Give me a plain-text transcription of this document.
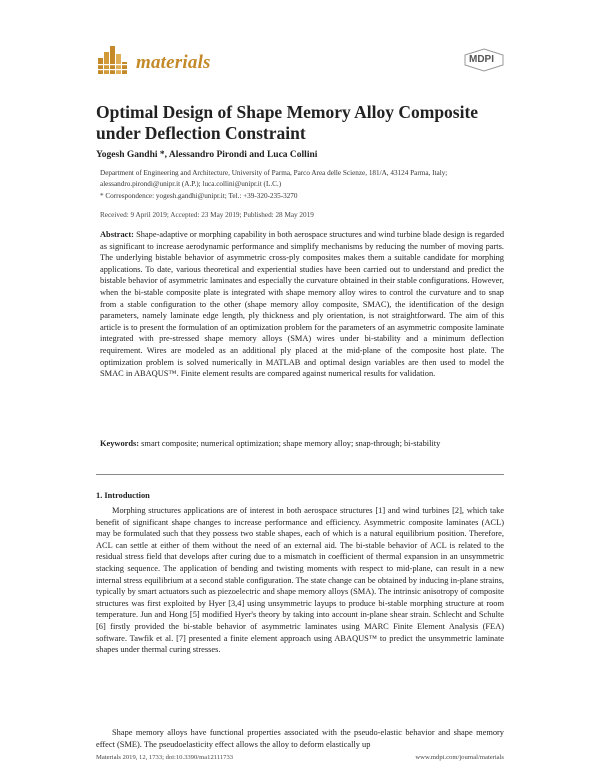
materials	MDPI
Optimal Design of Shape Memory Alloy Composite under Deflection Constraint
Yogesh Gandhi *, Alessandro Pirondi and Luca Collini
Department of Engineering and Architecture, University of Parma, Parco Area delle Scienze, 181/A, 43124 Parma, Italy; alessandro.pirondi@unipr.it (A.P.); luca.collini@unipr.it (L.C.)
* Correspondence: yogesh.gandhi@unipr.it; Tel.: +39-320-235-3270
Received: 9 April 2019; Accepted: 23 May 2019; Published: 28 May 2019

Abstract: Shape-adaptive or morphing capability in both aerospace structures and wind turbine blade design is regarded as significant to increase aerodynamic performance and simplify mechanisms by reducing the number of moving parts. The underlying bistable behavior of asymmetric cross-ply composites makes them a suitable candidate for morphing applications. To date, various theoretical and experiential studies have been carried out to understand and predict the bistable behavior of asymmetric laminates and especially the curvature obtained in their stable configurations. However, when the bi-stable composite plate is integrated with shape memory alloy wires to control the curvature and to snap from a stable configuration to the other (shape memory alloy composite, SMAC), the identification of the design parameters, namely laminate edge length, ply thickness and ply orientation, is not straightforward. The aim of this article is to present the formulation of an optimization problem for the parameters of an asymmetric composite laminate integrated with pre-stressed shape memory alloys (SMA) wires under bi-stability and a minimum deflection requirement. Wires are modeled as an additional ply placed at the mid-plane of the composite host plate. The optimization problem is solved numerically in MATLAB and optimal design variables are then used to model the SMAC in ABAQUS™. Finite element results are compared against numerical results for validation.

Keywords: smart composite; numerical optimization; shape memory alloy; snap-through; bi-stability

1. Introduction

Morphing structures applications are of interest in both aerospace structures [1] and wind turbines [2], which take benefit of significant shape changes to increase performance and efficiency. Asymmetric composite laminates (ACL) may be formulated such that they possess two stable shapes, each of which is a natural equilibrium position. Therefore, ACL can settle at either of them without the need of an external aid. The bi-stable behavior of ACL is related to the residual stress field that develops after curing due to a mismatch in coefficient of thermal expansion in an unsymmetric stacking sequence. The application of bending and twisting moments with respect to mid-plane, can result in a new internal stress equilibrium at a second stable configuration. The state change can be obtained by inducing in-plane strains, typically by smart actuators such as piezoelectric and shape memory alloys (SMA). The intrinsic anisotropy of composite structures was first exploited by Hyer [3,4] using unsymmetric layups to produce bi-stable morphing structure at room temperature. Jun and Hong [5] modified Hyer's theory by taking into account in-plane shear strain. Schlecht and Schulte [6] firstly provided the bi-stable behavior of asymmetric laminates using MARC Finite Element Analysis (FEA) software. Tawfik et al. [7] presented a finite element approach using ABAQUS™ to predict the unsymmetric laminate shapes under thermal curing stresses.

Shape memory alloys have functional properties associated with the pseudo-elastic behavior and shape memory effect (SME). The pseudoelasticity effect allows the alloy to deform elastically up

Materials 2019, 12, 1733; doi:10.3390/ma12111733	www.mdpi.com/journal/materials
